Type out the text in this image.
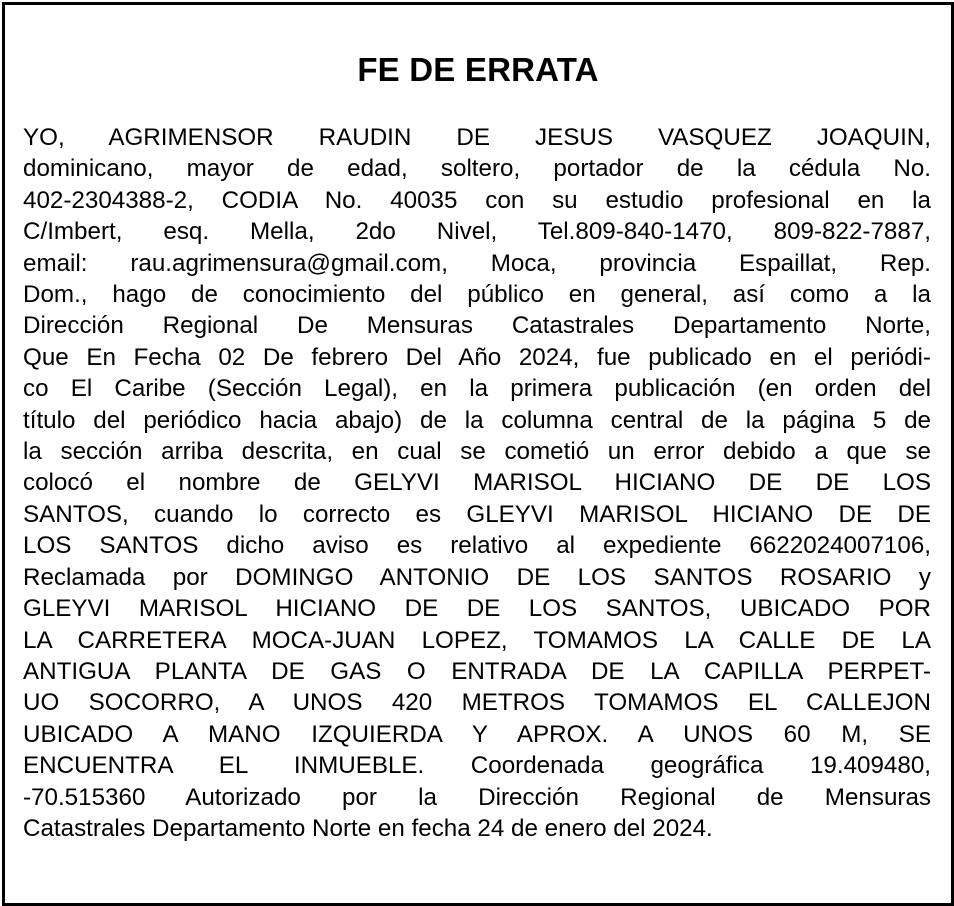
FE DE ERRATA
YO, AGRIMENSOR RAUDIN DE JESUS VASQUEZ JOAQUIN,
dominicano, mayor de edad, soltero, portador de la cédula No.
402-2304388-2, CODIA No. 40035 con su estudio profesional en la
C/Imbert, esq. Mella, 2do Nivel, Tel.809-840-1470, 809-822-7887,
email: rau.agrimensura@gmail.com, Moca, provincia Espaillat, Rep.
Dom., hago de conocimiento del público en general, así como a la
Dirección Regional De Mensuras Catastrales Departamento Norte,
Que En Fecha 02 De febrero Del Año 2024, fue publicado en el periódi-
co El Caribe (Sección Legal), en la primera publicación (en orden del
título del periódico hacia abajo) de la columna central de la página 5 de
la sección arriba descrita, en cual se cometió un error debido a que se
colocó el nombre de GELYVI MARISOL HICIANO DE DE LOS
SANTOS, cuando lo correcto es GLEYVI MARISOL HICIANO DE DE
LOS SANTOS dicho aviso es relativo al expediente 6622024007106,
Reclamada por DOMINGO ANTONIO DE LOS SANTOS ROSARIO y
GLEYVI MARISOL HICIANO DE DE LOS SANTOS, UBICADO POR
LA CARRETERA MOCA-JUAN LOPEZ, TOMAMOS LA CALLE DE LA
ANTIGUA PLANTA DE GAS O ENTRADA DE LA CAPILLA PERPET-
UO SOCORRO, A UNOS 420 METROS TOMAMOS EL CALLEJON
UBICADO A MANO IZQUIERDA Y APROX. A UNOS 60 M, SE
ENCUENTRA EL INMUEBLE. Coordenada geográfica 19.409480,
-70.515360 Autorizado por la Dirección Regional de Mensuras
Catastrales Departamento Norte en fecha 24 de enero del 2024.
